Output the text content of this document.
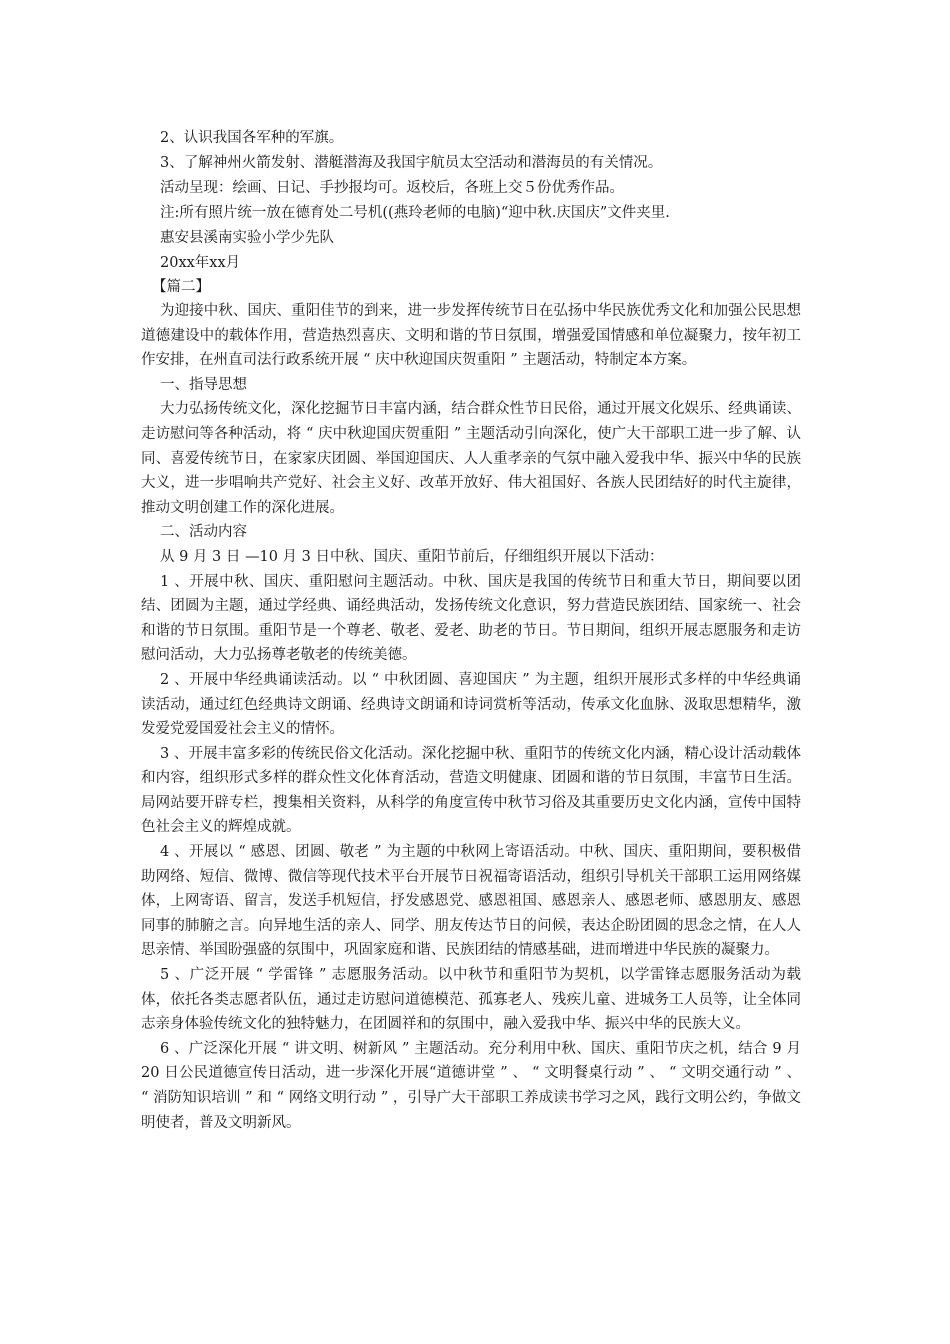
2、认识我国各军种的军旗。
3、了解神州火箭发射、潜艇潜海及我国宇航员太空活动和潜海员的有关情况。
活动呈现：绘画、日记、手抄报均可。返校后，各班上交５份优秀作品。
注:所有照片统一放在德育处二号机((燕玲老师的电脑)“迎中秋.庆国庆”文件夹里.
惠安县溪南实验小学少先队
20xx年xx月
【篇二】

为迎接中秋、国庆、重阳佳节的到来，进一步发挥传统节日在弘扬中华民族优秀文化和加强公民思想道德建设中的载体作用，营造热烈喜庆、文明和谐的节日氛围，增强爱国情感和单位凝聚力，按年初工作安排，在州直司法行政系统开展 “ 庆中秋迎国庆贺重阳 ” 主题活动，特制定本方案。

一、指导思想

大力弘扬传统文化，深化挖掘节日丰富内涵，结合群众性节日民俗，通过开展文化娱乐、经典诵读、走访慰问等各种活动，将 “ 庆中秋迎国庆贺重阳 ” 主题活动引向深化，使广大干部职工进一步了解、认同、喜爱传统节日，在家家庆团圆、举国迎国庆、人人重孝亲的气氛中融入爱我中华、振兴中华的民族大义，进一步唱响共产党好、社会主义好、改革开放好、伟大祖国好、各族人民团结好的时代主旋律，推动文明创建工作的深化进展。

二、活动内容

从 9 月 3 日 —10 月 3 日中秋、国庆、重阳节前后，仔细组织开展以下活动：

1 、开展中秋、国庆、重阳慰问主题活动。中秋、国庆是我国的传统节日和重大节日，期间要以团结、团圆为主题，通过学经典、诵经典活动，发扬传统文化意识，努力营造民族团结、国家统一、社会和谐的节日氛围。重阳节是一个尊老、敬老、爱老、助老的节日。节日期间，组织开展志愿服务和走访慰问活动，大力弘扬尊老敬老的传统美德。

2 、开展中华经典诵读活动。以 “ 中秋团圆、喜迎国庆 ” 为主题，组织开展形式多样的中华经典诵读活动，通过红色经典诗文朗诵、经典诗文朗诵和诗词赏析等活动，传承文化血脉、汲取思想精华，激发爱党爱国爱社会主义的情怀。

3 、开展丰富多彩的传统民俗文化活动。深化挖掘中秋、重阳节的传统文化内涵，精心设计活动载体和内容，组织形式多样的群众性文化体育活动，营造文明健康、团圆和谐的节日氛围，丰富节日生活。局网站要开辟专栏，搜集相关资料，从科学的角度宣传中秋节习俗及其重要历史文化内涵，宣传中国特色社会主义的辉煌成就。

4 、开展以 “ 感恩、团圆、敬老 ” 为主题的中秋网上寄语活动。中秋、国庆、重阳期间，要积极借助网络、短信、微博、微信等现代技术平台开展节日祝福寄语活动，组织引导机关干部职工运用网络媒体，上网寄语、留言，发送手机短信，抒发感恩党、感恩祖国、感恩亲人、感恩老师、感恩朋友、感恩同事的肺腑之言。向异地生活的亲人、同学、朋友传达节日的问候，表达企盼团圆的思念之情，在人人思亲情、举国盼强盛的氛围中，巩固家庭和谐、民族团结的情感基础，进而增进中华民族的凝聚力。

5 、广泛开展 “ 学雷锋 ” 志愿服务活动。以中秋节和重阳节为契机，以学雷锋志愿服务活动为载体，依托各类志愿者队伍，通过走访慰问道德模范、孤寡老人、残疾儿童、进城务工人员等，让全体同志亲身体验传统文化的独特魅力，在团圆祥和的氛围中，融入爱我中华、振兴中华的民族大义。

6 、广泛深化开展 “ 讲文明、树新风 ” 主题活动。充分利用中秋、国庆、重阳节庆之机，结合 9 月 20 日公民道德宣传日活动，进一步深化开展“道德讲堂 ” 、 “ 文明餐桌行动 ” 、 “ 文明交通行动 ” 、 “ 消防知识培训 ” 和 “ 网络文明行动 ” ，引导广大干部职工养成读书学习之风，践行文明公约，争做文明使者，普及文明新风。
